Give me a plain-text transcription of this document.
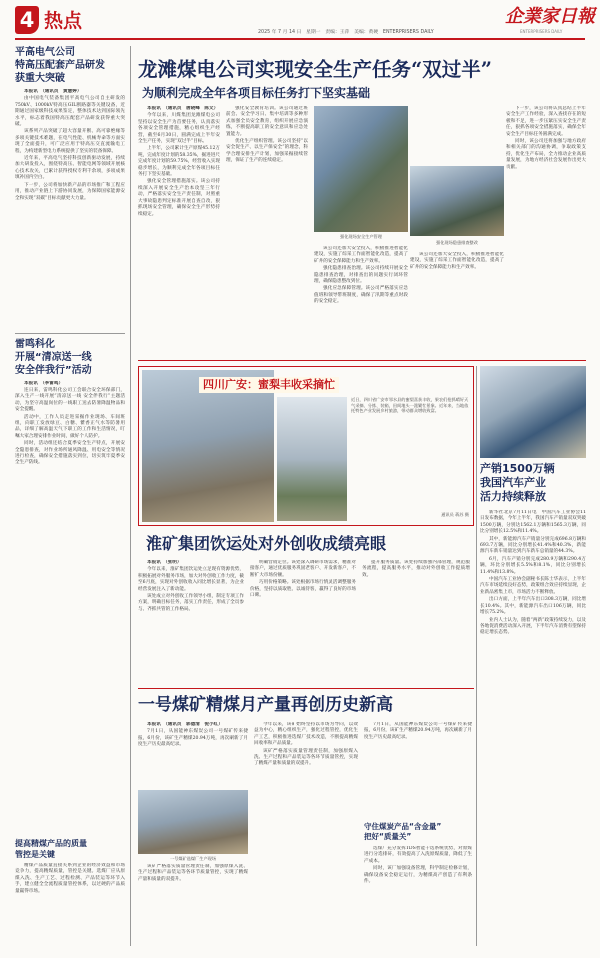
4 热点
2025 年 7 月 14 日　星期一　责编：王萍　美编：黄硬　ENTERPRISERS DAILY
企業家日報
ENTERPRISERS DAILY
平高电气公司
特高压配套产品研发
获重大突破

本报讯　（通讯员　黄慧婷）

由中国电气装备集团平高电气公司自主研发的750kV、1000kV特高压GIL断路器等关键设备，近期通过国家级科技成果鉴定，整体技术达到国际领先水平，标志着我国特高压配套产品研发获得重大突破。

该系列产品突破了超大容量开断、高可靠绝缘等多项关键技术难题，在电气性能、机械寿命等方面实现了全面提升，可广泛应用于特高压交直流输电工程，为构建新型电力系统提供了坚实的装备保障。

近年来，平高电气坚持科技创新驱动发展，持续加大研发投入，围绕特高压、智能电网等领域开展核心技术攻关，已累计获得授权专利千余项，多项成果填补国内空白。

下一步，公司将加快新产品的市场推广和工程应用，推动产业链上下游协同发展，为保障国家能源安全和实现“双碳”目标贡献更大力量。

雷鸣科化
开展“清凉送一线
安全伴我行”活动

本报讯　（李雷鸣）

连日来，雷鸣科化公司工会联合安全环保部门，深入生产一线开展“清凉送一线 安全伴我行”主题活动，为坚守高温岗位的一线职工送去防暑降温物品和安全提醒。

活动中，工作人员走进采掘作业现场、车间班组，向职工发放绿豆、白糖、藿香正气水等防暑用品，详细了解高温天气下职工的工作和生活情况，叮嘱大家合理安排作业时间，做好个人防护。

同时，活动组还结合夏季安全生产特点，开展安全隐患排查，对作业场所通风降温、用电安全等情况进行检查，确保安全措施落实到位，切实筑牢夏季安全生产防线。

提高精煤产品的质量
管控是关键

精煤产品质量直接关系到企业的经济效益和市场竞争力，提高精煤质量，管控是关键。选煤厂应从原煤入洗、生产工艺、过程检测、产品装运等环节入手，建立健全全流程质量管控体系，以过硬的产品质量赢得市场。

龙滩煤电公司实现安全生产任务“双过半”
为顺利完成全年各项目标任务打下坚实基础

本报讯　（通讯员　唐晓峰　陈文）

今年以来，川煤集团龙滩煤电公司坚持以安全生产为首要任务，认真落实各项安全管理措施，精心组织生产经营，截至6月30日，圆满完成上半年安全生产任务，实现“双过半”目标。

上半年，公司累计生产原煤45.12万吨，完成年度计划的58.35%，掘进进尺完成年度计划的59.75%，经营收入实现稳步增长，为顺利完成全年各项目标任务打下坚实基础。

强化安全管理措施落实。该公司持续深入开展安全生产治本攻坚三年行动，严格落实安全生产责任制，对照重大事故隐患判定标准开展自查自改，狠抓现场安全管理，确保安全生产形势持续稳定。

强化安全教育培训。该公司通过班前会、安全学习日、集中培训等多种形式加强全员安全教育，组织开展应急演练，不断提高职工的安全意识和应急处置能力。

优化生产组织管理。该公司坚持“以安全促生产、以生产保安全”的理念，科学合理安排生产计划，加强采掘接续管理，保证了生产的连续稳定。

强化现场安全生产管理
强化现场隐患排查整改

该公司还加大安全投入，积极推进智能化建设，实施了综采工作面智能化改造，提高了矿井的安全保障能力和生产效率。

强化隐患排查治理。该公司持续开展安全隐患排查治理，对排查出的问题实行闭环管理，确保隐患整改到位。

强化应急保障管理。该公司严格落实应急值班和领导带班制度，确保了汛期等重点时段的安全稳定。

下一步，该公司将认真总结上半年安全生产工作经验，深入查找存在的短板和不足，进一步压紧压实安全生产责任，狠抓各项安全措施落实，确保全年安全生产目标任务圆满完成。

同时，该公司还将加强与地方政府和相关部门的沟通协调，争取政策支持，优化生产布局，全力推动企业高质量发展，为地方经济社会发展作出更大贡献。

该公司还加大安全投入，积极推进智能化建设，实施了综采工作面智能化改造，提高了矿井的安全保障能力和生产效率。

四川广安：蜜梨丰收采摘忙
近日，四川省广安市邻水县的蜜梨喜获丰收，果农们抢抓晴好天气采摘、分拣、装箱，田间地头一派繁忙景象。近年来，当地依托特色产业发展乡村旅游，带动群众增收致富。
通讯员 蒋苏 摄
产销1500万辆
我国汽车产业
活力持续释放

新华社北京7月11日电　中国汽车工业协会11日发布数据，今年上半年，我国汽车产销量双双突破1500万辆，分别达1562.1万辆和1565.3万辆，同比分别增长12.5%和11.4%。

其中，新能源汽车产销量分别完成696.8万辆和693.7万辆，同比分别增长41.4%和40.3%，新能源汽车新车销量达到汽车新车总销量的44.3%。

6月，汽车产销分别完成280.9万辆和290.4万辆，环比分别增长5.5%和8.1%，同比分别增长11.4%和13.8%。

中国汽车工业协会副秘书长陈士华表示，上半年汽车市场延续良好态势，政策组合效应持续显现，企业新品密集上市，市场活力不断释放。

出口方面，上半年汽车出口308.3万辆，同比增长10.4%。其中，新能源汽车出口106万辆，同比增长75.2%。

业内人士认为，随着“两新”政策持续发力，以及各地促消费活动深入开展，下半年汽车消费有望保持稳定增长态势。

淮矿集团饮运处对外创收成绩亮眼

本报讯　（张明）

今年以来，淮矿集团饮运处立足现有资源优势，积极拓展对外服务市场，加大对外创收工作力度，截至6月底，实现对外创收收入同比增长显著，为企业经营发展注入了新动能。

该处成立对外创收工作领导小组，制定专项工作方案，明确目标任务，落实工作责任，形成了全员参与、齐抓共管的工作格局。

明确营销定位。该处深入调研市场需求，精准对接客户，通过优质服务巩固老客户、开发新客户，不断扩大市场份额。

巧用价格策略。该处根据市场行情灵活调整服务价格，坚持以质取胜、以诚待客，赢得了良好的市场口碑。

提升服务质量。该处持续加强内部管理，规范服务流程，提高服务水平，推动对外创收工作提质增效。

一号煤矿精煤月产量再创历史新高

本报讯　（通讯员　郭德清　倪小红）

7月1日，从国能神东煤炭公司一号煤矿传来捷报，6月份，该矿生产精煤20.94万吨，再次刷新了月度生产历史最高纪录。

一号煤矿选煤厂生产现场

该矿严格落实质量管理责任制，加强原煤入洗、生产过程和产品装运等各环节质量管控，实现了精煤产量和质量的双提升。

今年以来，该矿始终坚持以市场为导向，以效益为中心，精心组织生产，强化过程管控，优化生产工艺，积极推进选煤厂技术改造，不断提高精煤回收率和产品质量。

该矿严格落实质量管理责任制，加强原煤入洗、生产过程和产品装运等各环节质量管控，实现了精煤产量和质量的双提升。

7月1日，从国能神东煤炭公司一号煤矿传来捷报，6月份，该矿生产精煤20.94万吨，再次刷新了月度生产历史最高纪录。

守住煤炭产品“含金量”
把好“质量关”

选煤厂充分发挥TDS智能干选系统优势，对原煤进行分选排矸，有效提高了入洗原煤质量，降低了生产成本。

同时，该厂加强设备管理，科学制定检修计划，确保设备安全稳定运行，为精煤高产创造了有利条件。
